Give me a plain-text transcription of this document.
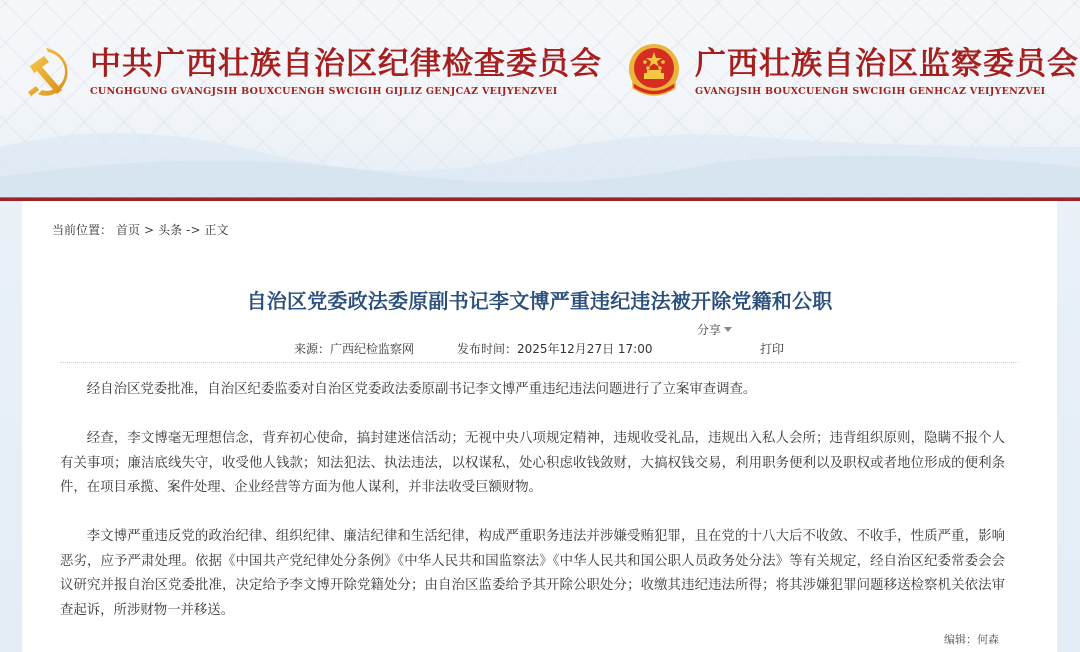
中共广西壮族自治区纪律检查委员会
CUNGHGUNG GVANGJSIH BOUXCUENGH SWCIGIH GIJLIZ GENJCAZ VEIJYENZVEI
广西壮族自治区监察委员会
GVANGJSIH BOUXCUENGH SWCIGIH GENHCAZ VEIJYENZVEI
当前位置： 首页 > 头条 -> 正文
自治区党委政法委原副书记李文博严重违纪违法被开除党籍和公职
分享
来源：广西纪检监察网	发布时间：2025年12月27日 17:00	打印

经自治区党委批准，自治区纪委监委对自治区党委政法委原副书记李文博严重违纪违法问题进行了立案审查调查。

经查，李文博毫无理想信念，背弃初心使命，搞封建迷信活动；无视中央八项规定精神，违规收受礼品，违规出入私人会所；违背组织原则，隐瞒不报个人有关事项；廉洁底线失守，收受他人钱款；知法犯法、执法违法，以权谋私，处心积虑收钱敛财，大搞权钱交易，利用职务便利以及职权或者地位形成的便利条件，在项目承揽、案件处理、企业经营等方面为他人谋利，并非法收受巨额财物。

李文博严重违反党的政治纪律、组织纪律、廉洁纪律和生活纪律，构成严重职务违法并涉嫌受贿犯罪，且在党的十八大后不收敛、不收手，性质严重，影响恶劣，应予严肃处理。依据《中国共产党纪律处分条例》《中华人民共和国监察法》《中华人民共和国公职人员政务处分法》等有关规定，经自治区纪委常委会会议研究并报自治区党委批准，决定给予李文博开除党籍处分；由自治区监委给予其开除公职处分；收缴其违纪违法所得；将其涉嫌犯罪问题移送检察机关依法审查起诉，所涉财物一并移送。

编辑：何森
